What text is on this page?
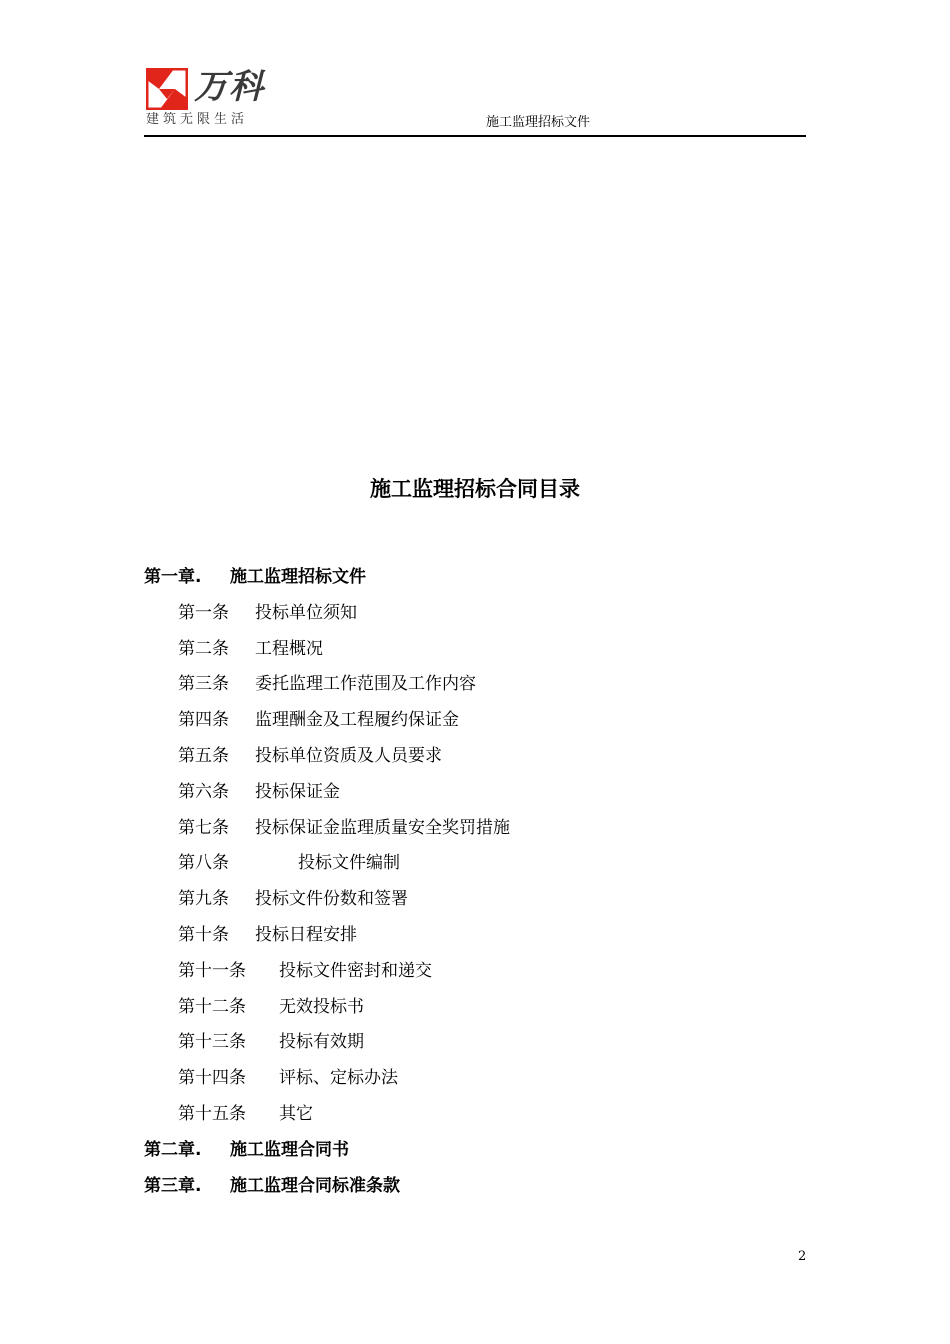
万科
建筑无限生活	施工监理招标文件
施工监理招标合同目录
第一章. 施工监理招标文件
第一条 投标单位须知
第二条 工程概况
第三条 委托监理工作范围及工作内容
第四条 监理酬金及工程履约保证金
第五条 投标单位资质及人员要求
第六条 投标保证金
第七条 投标保证金监理质量安全奖罚措施
第八条	投标文件编制
第九条 投标文件份数和签署
第十条 投标日程安排
第十一条 投标文件密封和递交
第十二条 无效投标书
第十三条 投标有效期
第十四条 评标、定标办法
第十五条 其它
第二章. 施工监理合同书
第三章. 施工监理合同标准条款
2
